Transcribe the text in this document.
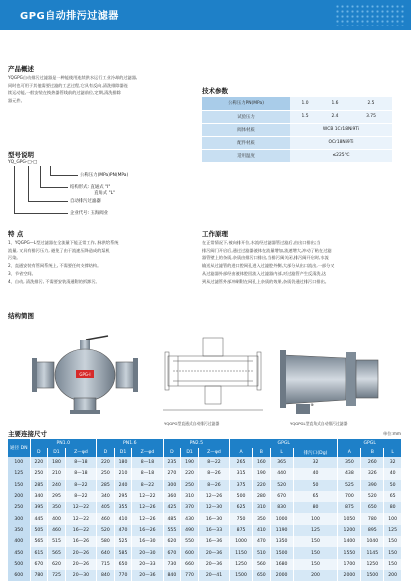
GPG自动排污过滤器
产品概述

YQGPG自动排污过滤器是一种能使用连续供水运行工业冷却的过滤器,

同时也可用于其他需要过滤的工艺过程,它具有反向,清洗排除器连

续运动能,一般安装在换热器管线前的过滤前位,定期,清洗排除

器元件。

技术参数
公称压力PN(MPa)	1.0	1.6	2.5
试验压力	1.5	2.4	3.75
阀体材质	WCB 1Cr18Ni9Ti		
配件材质	OCr18Ni9Ti		
适用温度	≤225℃		
型号说明
YQ_GPG-□-□
公称压力(MPa)PN(MPa)
结构形式: 直通式 "I"
直角式 "L"
自动排污过滤器
企业代号: 玉海阀业
特 点

1、YQGPG—L型过滤器在全流量下能正常工作, 脉供给系统

流量, 又具有排污压力, 避免了由于流速压降造成的泵机

污染。

2、直通安装有管网系统上, 不需要任何支撑结构。

3、节省空间。

4、自动, 清洗排污, 不需要安装清通附的拆卸污。

工作原理

在正常情况下,被向排开位,水流经过滤器管过滤后,由出口排出;当

排污阀门开启后,通过过滤器液体在流量增加,流速增大,冲动了粘在过滤

器管壁上的杂质,杂质由排污口排出,当排污阀关闭,排污阀开启时,水流

输送从过滤管的进口腔网孔进入过滤腔外侧,大部分从出口流出,一部分又

从过滤器外部经由液体腔回流入过滤器内部,对过滤管产生反清洗,达

到从过滤管外部冲刷附在网孔上杂质的效果,杂质仍通过排污口排出。

结构简图
GPG-Ⅰ
YQGPG型直通式自动排污过滤器
⊕
YQGPGL型直角式自动排污过滤器
主要连接尺寸	单位:mm
通径 DN	PN1.0			PN1.6			PN2.5			GPGL				GPGL		
	D	D1	Z—φd	D	D1	Z—φd	D	D1	Z—φd	A	B	L	排污口(Dg)	A	B	L
100	220	180	8—18	220	180	8—18	235	190	8—22	265	160	365	32	350	260	32
125	250	210	8—18	250	210	8—18	270	220	8—26	315	190	440	40	438	326	40
150	285	240	8—22	285	240	8—22	300	250	8—26	375	220	520	50	525	390	50
200	340	295	8—22	340	295	12—22	360	310	12—26	500	280	670	65	700	520	65
250	395	350	12—22	405	355	12—26	425	370	12—30	625	310	830	80	875	650	80
300	445	400	12—22	460	410	12—26	485	430	16—30	750	350	1000	100	1050	780	100
350	505	460	16—22	520	470	16—26	555	490	16—33	875	410	1190	125	1200	895	125
400	565	515	16—26	580	525	16—30	620	550	16—36	1000	470	1350	150	1400	1040	150
450	615	565	20—26	640	585	20—30	670	600	20—36	1150	510	1500	150	1550	1145	150
500	670	620	20—26	715	650	20—33	730	660	20—36	1250	560	1680	150	1700	1250	150
600	780	725	20—30	840	770	20—36	840	770	20—41	1500	650	2000	200	2000	1500	200
